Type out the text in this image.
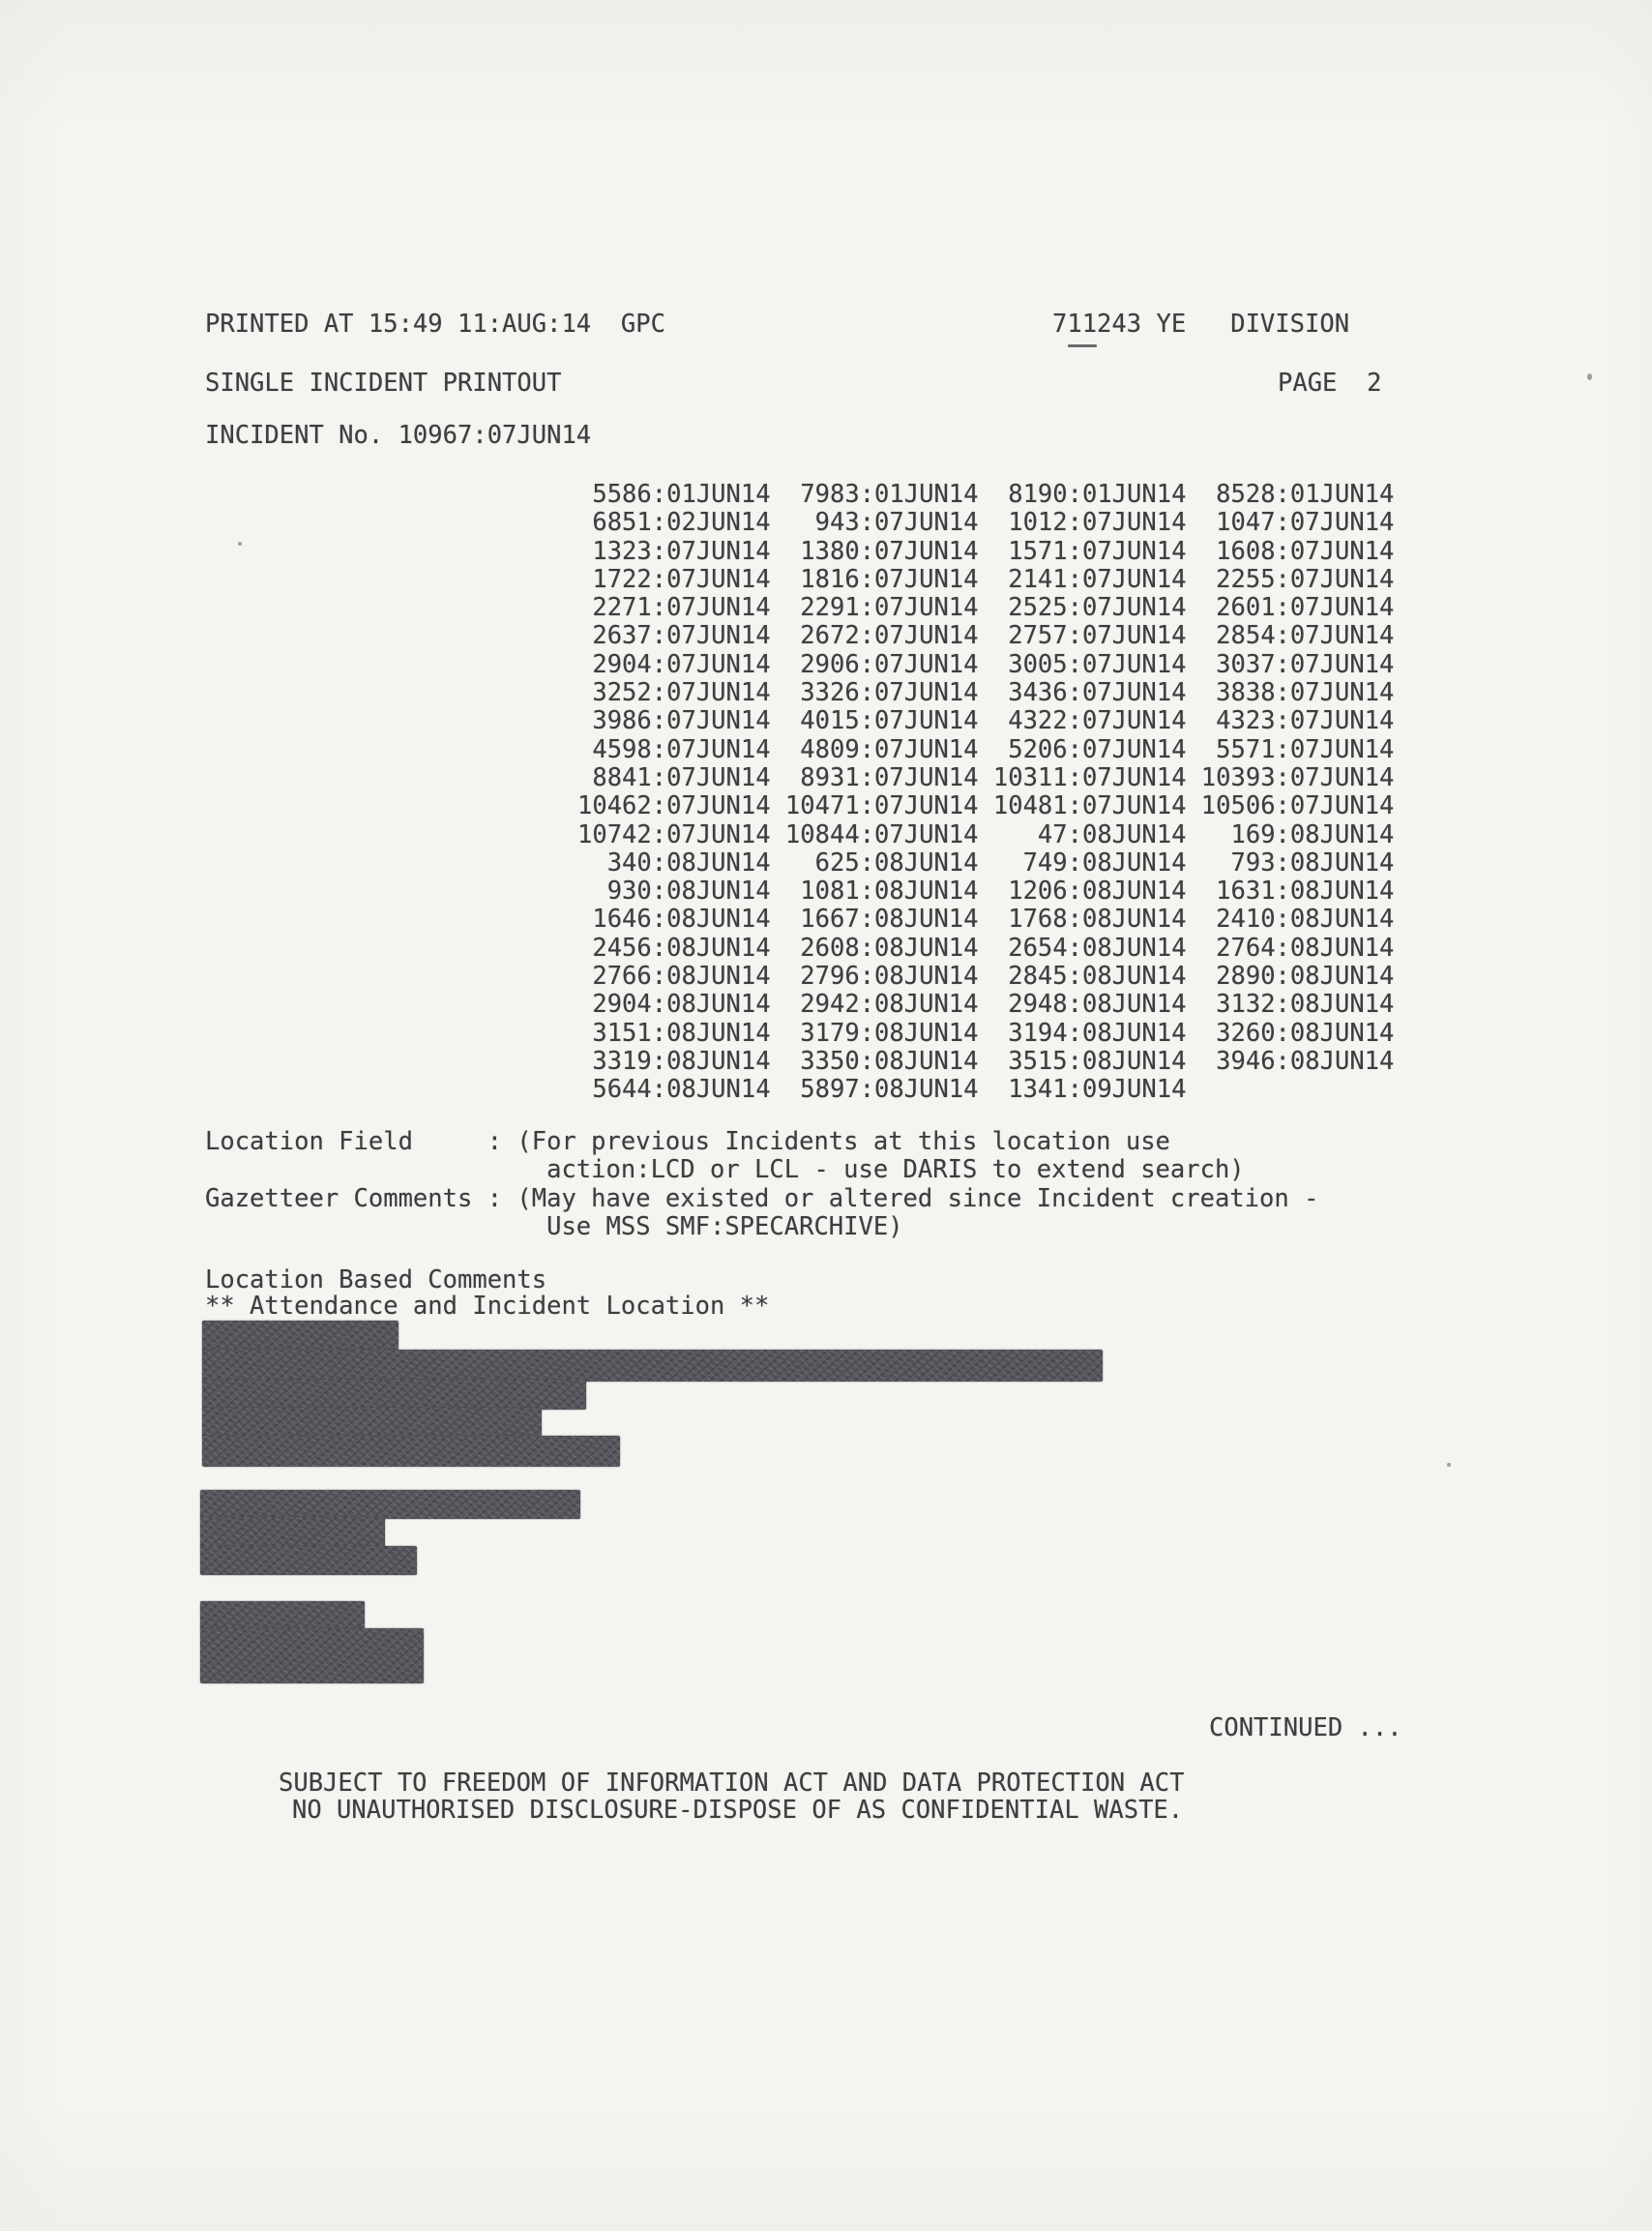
PRINTED AT 15:49 11:AUG:14  GPC	711243 YE   DIVISION
SINGLE INCIDENT PRINTOUT	PAGE  2
INCIDENT No. 10967:07JUN14
5586:01JUN14  7983:01JUN14  8190:01JUN14  8528:01JUN14
6851:02JUN14   943:07JUN14  1012:07JUN14  1047:07JUN14
1323:07JUN14  1380:07JUN14  1571:07JUN14  1608:07JUN14
1722:07JUN14  1816:07JUN14  2141:07JUN14  2255:07JUN14
2271:07JUN14  2291:07JUN14  2525:07JUN14  2601:07JUN14
2637:07JUN14  2672:07JUN14  2757:07JUN14  2854:07JUN14
2904:07JUN14  2906:07JUN14  3005:07JUN14  3037:07JUN14
3252:07JUN14  3326:07JUN14  3436:07JUN14  3838:07JUN14
3986:07JUN14  4015:07JUN14  4322:07JUN14  4323:07JUN14
4598:07JUN14  4809:07JUN14  5206:07JUN14  5571:07JUN14
8841:07JUN14  8931:07JUN14 10311:07JUN14 10393:07JUN14
10462:07JUN14 10471:07JUN14 10481:07JUN14 10506:07JUN14
10742:07JUN14 10844:07JUN14    47:08JUN14   169:08JUN14
340:08JUN14   625:08JUN14   749:08JUN14   793:08JUN14
930:08JUN14  1081:08JUN14  1206:08JUN14  1631:08JUN14
1646:08JUN14  1667:08JUN14  1768:08JUN14  2410:08JUN14
2456:08JUN14  2608:08JUN14  2654:08JUN14  2764:08JUN14
2766:08JUN14  2796:08JUN14  2845:08JUN14  2890:08JUN14
2904:08JUN14  2942:08JUN14  2948:08JUN14  3132:08JUN14
3151:08JUN14  3179:08JUN14  3194:08JUN14  3260:08JUN14
3319:08JUN14  3350:08JUN14  3515:08JUN14  3946:08JUN14
5644:08JUN14  5897:08JUN14  1341:09JUN14
Location Field     : (For previous Incidents at this location use
action:LCD or LCL - use DARIS to extend search)
Gazetteer Comments : (May have existed or altered since Incident creation -
Use MSS SMF:SPECARCHIVE)
Location Based Comments
** Attendance and Incident Location **
CONTINUED ...
SUBJECT TO FREEDOM OF INFORMATION ACT AND DATA PROTECTION ACT
NO UNAUTHORISED DISCLOSURE-DISPOSE OF AS CONFIDENTIAL WASTE.
